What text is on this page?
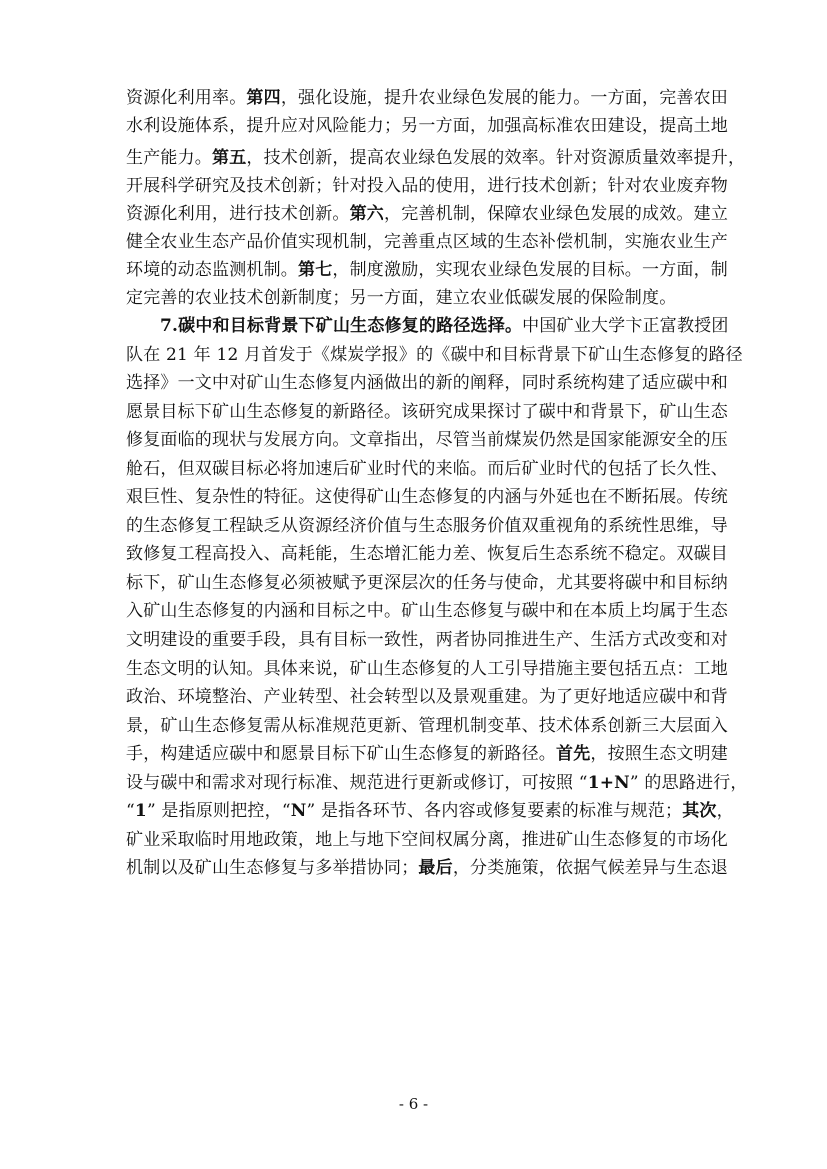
资源化利用率。第四，强化设施，提升农业绿色发展的能力。一方面，完善农田
水利设施体系，提升应对风险能力；另一方面，加强高标准农田建设，提高土地
生产能力。第五，技术创新，提高农业绿色发展的效率。针对资源质量效率提升，
开展科学研究及技术创新；针对投入品的使用，进行技术创新；针对农业废弃物
资源化利用，进行技术创新。第六，完善机制，保障农业绿色发展的成效。建立
健全农业生态产品价值实现机制，完善重点区域的生态补偿机制，实施农业生产
环境的动态监测机制。第七，制度激励，实现农业绿色发展的目标。一方面，制
定完善的农业技术创新制度；另一方面，建立农业低碳发展的保险制度。
7.碳中和目标背景下矿山生态修复的路径选择。中国矿业大学卞正富教授团
队在 21 年 12 月首发于《煤炭学报》的《碳中和目标背景下矿山生态修复的路径
选择》一文中对矿山生态修复内涵做出的新的阐释，同时系统构建了适应碳中和
愿景目标下矿山生态修复的新路径。该研究成果探讨了碳中和背景下，矿山生态
修复面临的现状与发展方向。文章指出，尽管当前煤炭仍然是国家能源安全的压
舱石，但双碳目标必将加速后矿业时代的来临。而后矿业时代的包括了长久性、
艰巨性、复杂性的特征。这使得矿山生态修复的内涵与外延也在不断拓展。传统
的生态修复工程缺乏从资源经济价值与生态服务价值双重视角的系统性思维，导
致修复工程高投入、高耗能，生态增汇能力差、恢复后生态系统不稳定。双碳目
标下，矿山生态修复必须被赋予更深层次的任务与使命，尤其要将碳中和目标纳
入矿山生态修复的内涵和目标之中。矿山生态修复与碳中和在本质上均属于生态
文明建设的重要手段，具有目标一致性，两者协同推进生产、生活方式改变和对
生态文明的认知。具体来说，矿山生态修复的人工引导措施主要包括五点：工地
政治、环境整治、产业转型、社会转型以及景观重建。为了更好地适应碳中和背
景，矿山生态修复需从标准规范更新、管理机制变革、技术体系创新三大层面入
手，构建适应碳中和愿景目标下矿山生态修复的新路径。首先，按照生态文明建
设与碳中和需求对现行标准、规范进行更新或修订，可按照 “1+N” 的思路进行，
“1” 是指原则把控，“N” 是指各环节、各内容或修复要素的标准与规范；其次，
矿业采取临时用地政策，地上与地下空间权属分离，推进矿山生态修复的市场化
机制以及矿山生态修复与多举措协同；最后，分类施策，依据气候差异与生态退
- 6 -
